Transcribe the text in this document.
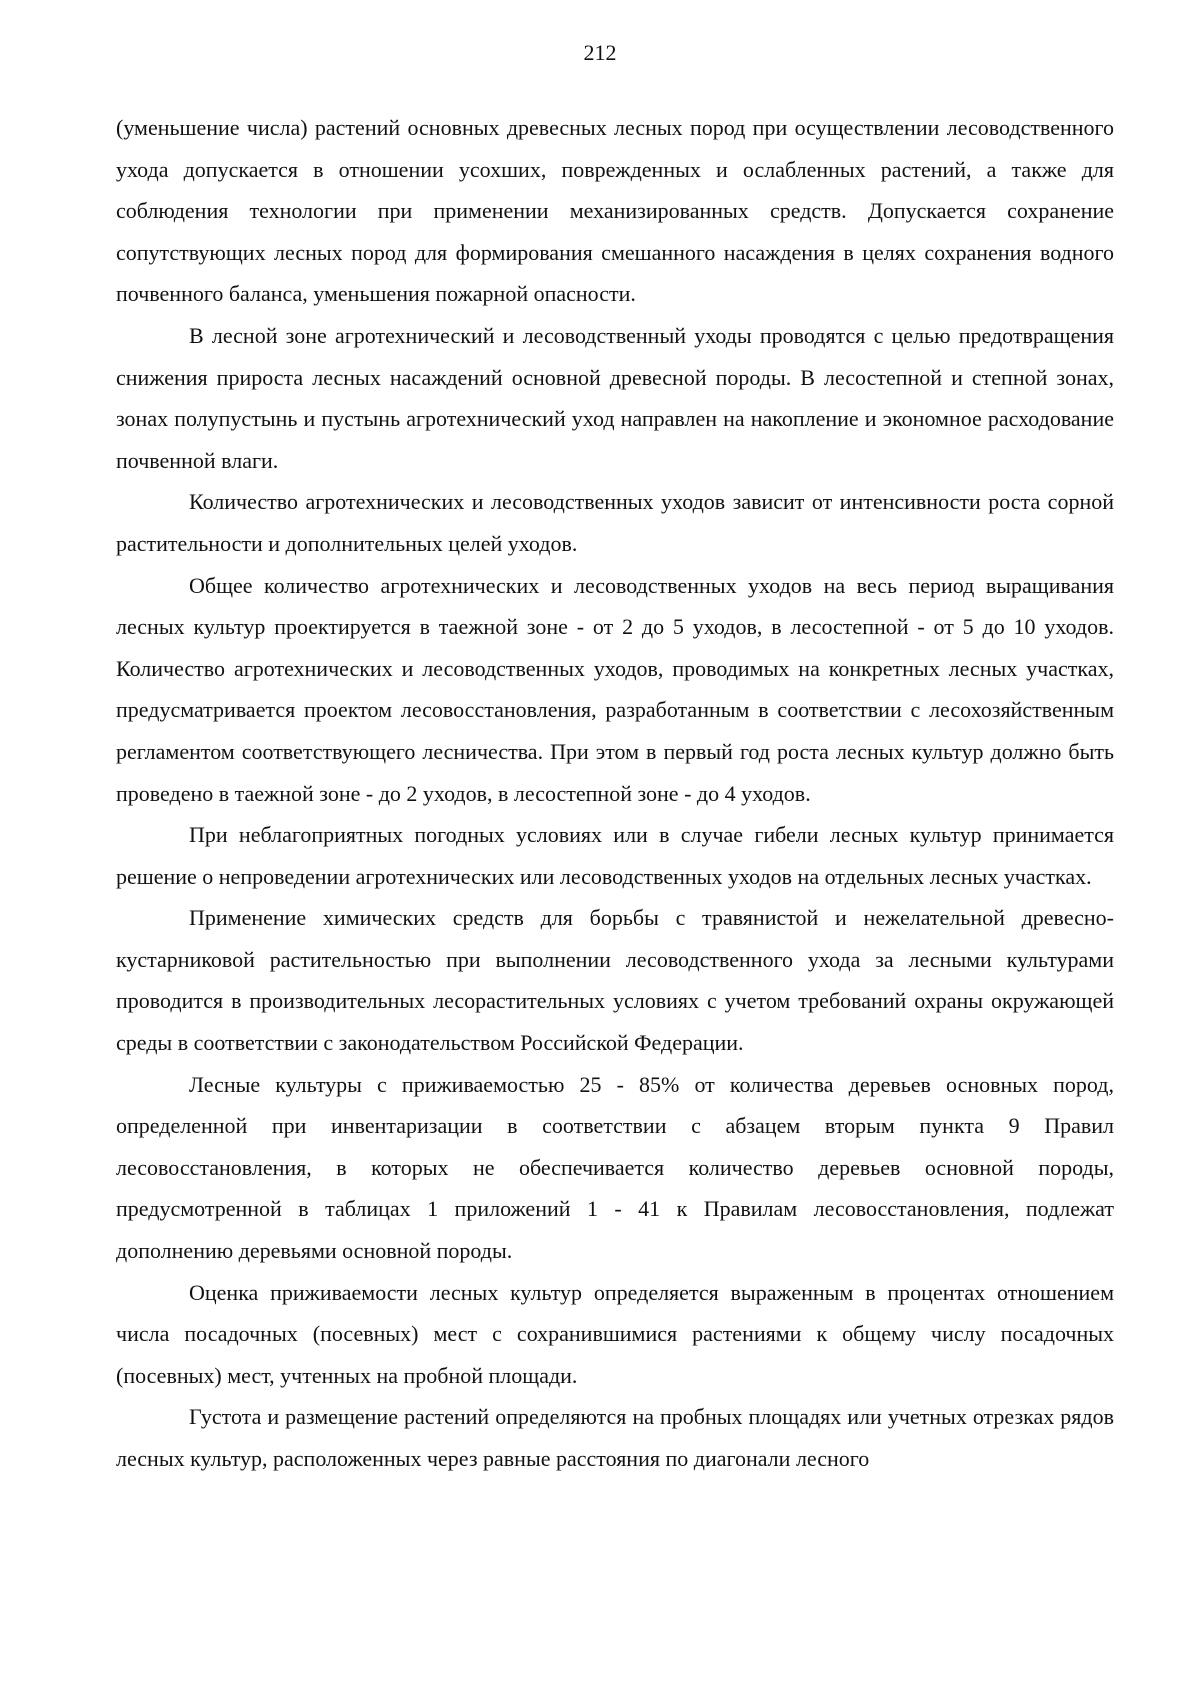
212

(уменьшение числа) растений основных древесных лесных пород при осуществлении лесоводственного ухода допускается в отношении усохших, поврежденных и ослабленных растений, а также для соблюдения технологии при применении механизированных средств. Допускается сохранение сопутствующих лесных пород для формирования смешанного насаждения в целях сохранения водного почвенного баланса, уменьшения пожарной опасности.

В лесной зоне агротехнический и лесоводственный уходы проводятся с целью предотвращения снижения прироста лесных насаждений основной древесной породы. В лесостепной и степной зонах, зонах полупустынь и пустынь агротехнический уход направлен на накопление и экономное расходование почвенной влаги.

Количество агротехнических и лесоводственных уходов зависит от интенсивности роста сорной растительности и дополнительных целей уходов.

Общее количество агротехнических и лесоводственных уходов на весь период выращивания лесных культур проектируется в таежной зоне - от 2 до 5 уходов, в лесостепной - от 5 до 10 уходов. Количество агротехнических и лесоводственных уходов, проводимых на конкретных лесных участках, предусматривается проектом лесовосстановления, разработанным в соответствии с лесохозяйственным регламентом соответствующего лесничества. При этом в первый год роста лесных культур должно быть проведено в таежной зоне - до 2 уходов, в лесостепной зоне - до 4 уходов.

При неблагоприятных погодных условиях или в случае гибели лесных культур принимается решение о непроведении агротехнических или лесоводственных уходов на отдельных лесных участках.

Применение химических средств для борьбы с травянистой и нежелательной древесно-кустарниковой растительностью при выполнении лесоводственного ухода за лесными культурами проводится в производительных лесорастительных условиях с учетом требований охраны окружающей среды в соответствии с законодательством Российской Федерации.

Лесные культуры с приживаемостью 25 - 85% от количества деревьев основных пород, определенной при инвентаризации в соответствии с абзацем вторым пункта 9 Правил лесовосстановления, в которых не обеспечивается количество деревьев основной породы, предусмотренной в таблицах 1 приложений 1 - 41 к Правилам лесовосстановления, подлежат дополнению деревьями основной породы.

Оценка приживаемости лесных культур определяется выраженным в процентах отношением числа посадочных (посевных) мест с сохранившимися растениями к общему числу посадочных (посевных) мест, учтенных на пробной площади.

Густота и размещение растений определяются на пробных площадях или учетных отрезках рядов лесных культур, расположенных через равные расстояния по диагонали лесного
